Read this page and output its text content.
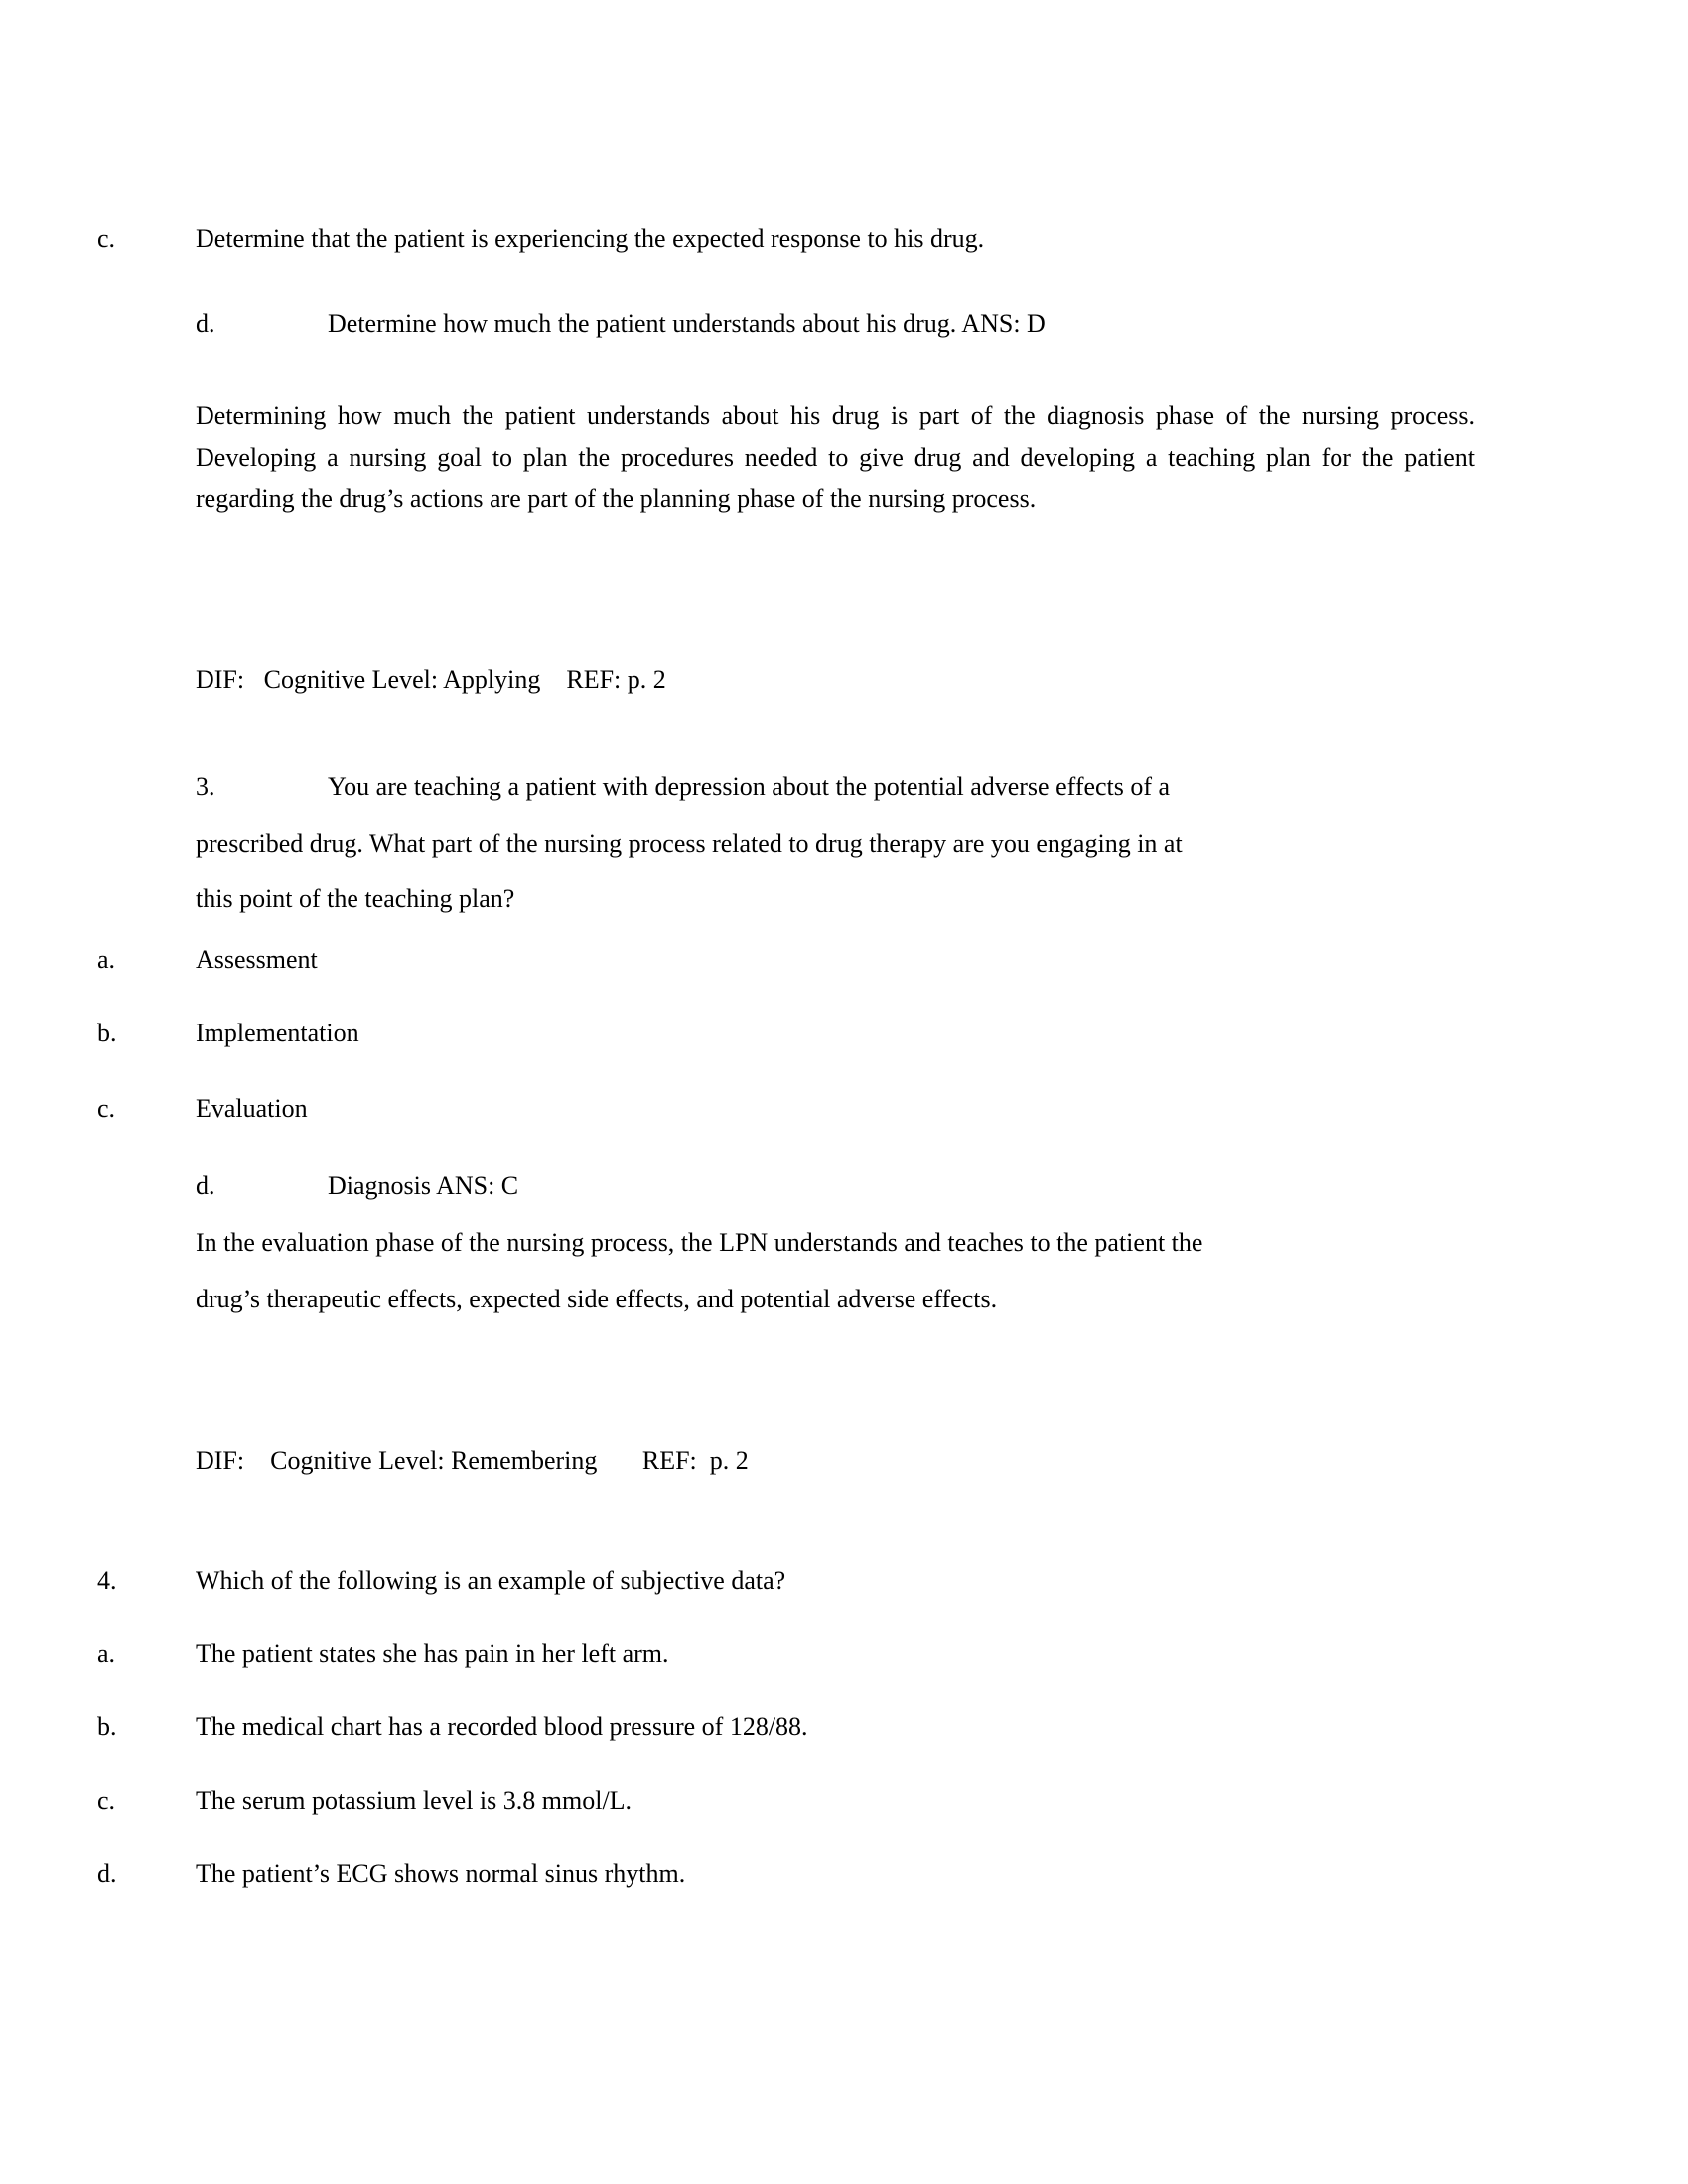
c.	Determine that the patient is experiencing the expected response to his drug.
d.	Determine how much the patient understands about his drug. ANS: D
Determining how much the patient understands about his drug is part of the diagnosis phase of the nursing process. Developing a nursing goal to plan the procedures needed to give drug and developing a teaching plan for the patient regarding the drug’s actions are part of the planning phase of the nursing process.
DIF:   Cognitive Level: Applying    REF: p. 2
3.	You are teaching a patient with depression about the potential adverse effects of a
prescribed drug. What part of the nursing process related to drug therapy are you engaging in at
this point of the teaching plan?
a.	Assessment
b.	Implementation
c.	Evaluation
d.	Diagnosis ANS: C
In the evaluation phase of the nursing process, the LPN understands and teaches to the patient the
drug’s therapeutic effects, expected side effects, and potential adverse effects.
DIF:    Cognitive Level: Remembering       REF:  p. 2
4.	Which of the following is an example of subjective data?
a.	The patient states she has pain in her left arm.
b.	The medical chart has a recorded blood pressure of 128/88.
c.	The serum potassium level is 3.8 mmol/L.
d.	The patient’s ECG shows normal sinus rhythm.
